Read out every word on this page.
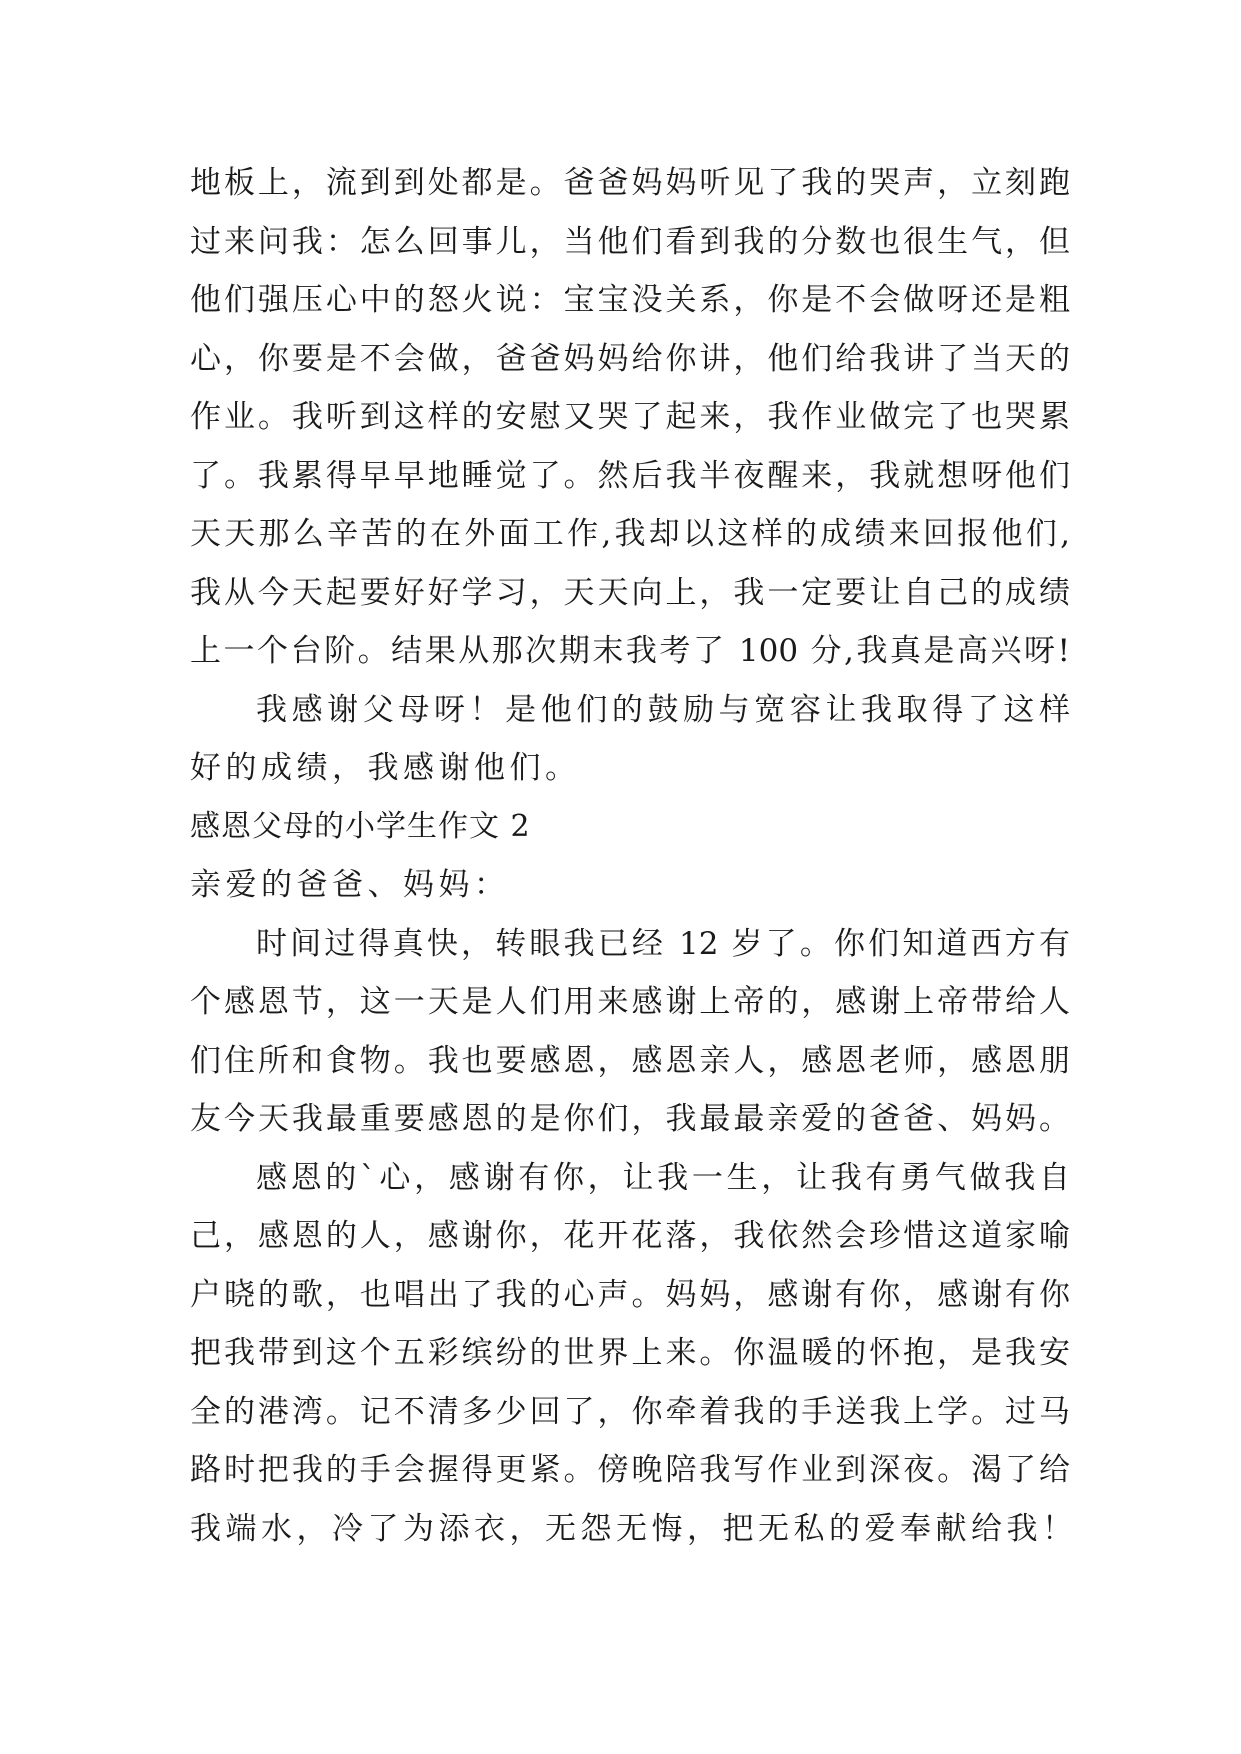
地板上，流到到处都是。爸爸妈妈听见了我的哭声，立刻跑
过来问我：怎么回事儿，当他们看到我的分数也很生气，但
他们强压心中的怒火说：宝宝没关系，你是不会做呀还是粗
心，你要是不会做，爸爸妈妈给你讲，他们给我讲了当天的
作业。我听到这样的安慰又哭了起来，我作业做完了也哭累
了。我累得早早地睡觉了。然后我半夜醒来，我就想呀他们
天天那么辛苦的在外面工作,我却以这样的成绩来回报他们,
我从今天起要好好学习，天天向上，我一定要让自己的成绩
上一个台阶。结果从那次期末我考了 100 分,我真是高兴呀!
我感谢父母呀！是他们的鼓励与宽容让我取得了这样
好的成绩，我感谢他们。
感恩父母的小学生作文 2
亲爱的爸爸、妈妈：
时间过得真快，转眼我已经 12 岁了。你们知道西方有
个感恩节，这一天是人们用来感谢上帝的，感谢上帝带给人
们住所和食物。我也要感恩，感恩亲人，感恩老师，感恩朋
友今天我最重要感恩的是你们，我最最亲爱的爸爸、妈妈。
感恩的`心，感谢有你，让我一生，让我有勇气做我自
己，感恩的人，感谢你，花开花落，我依然会珍惜这道家喻
户晓的歌，也唱出了我的心声。妈妈，感谢有你，感谢有你
把我带到这个五彩缤纷的世界上来。你温暖的怀抱，是我安
全的港湾。记不清多少回了，你牵着我的手送我上学。过马
路时把我的手会握得更紧。傍晚陪我写作业到深夜。渴了给
我端水，冷了为添衣，无怨无悔，把无私的爱奉献给我！
